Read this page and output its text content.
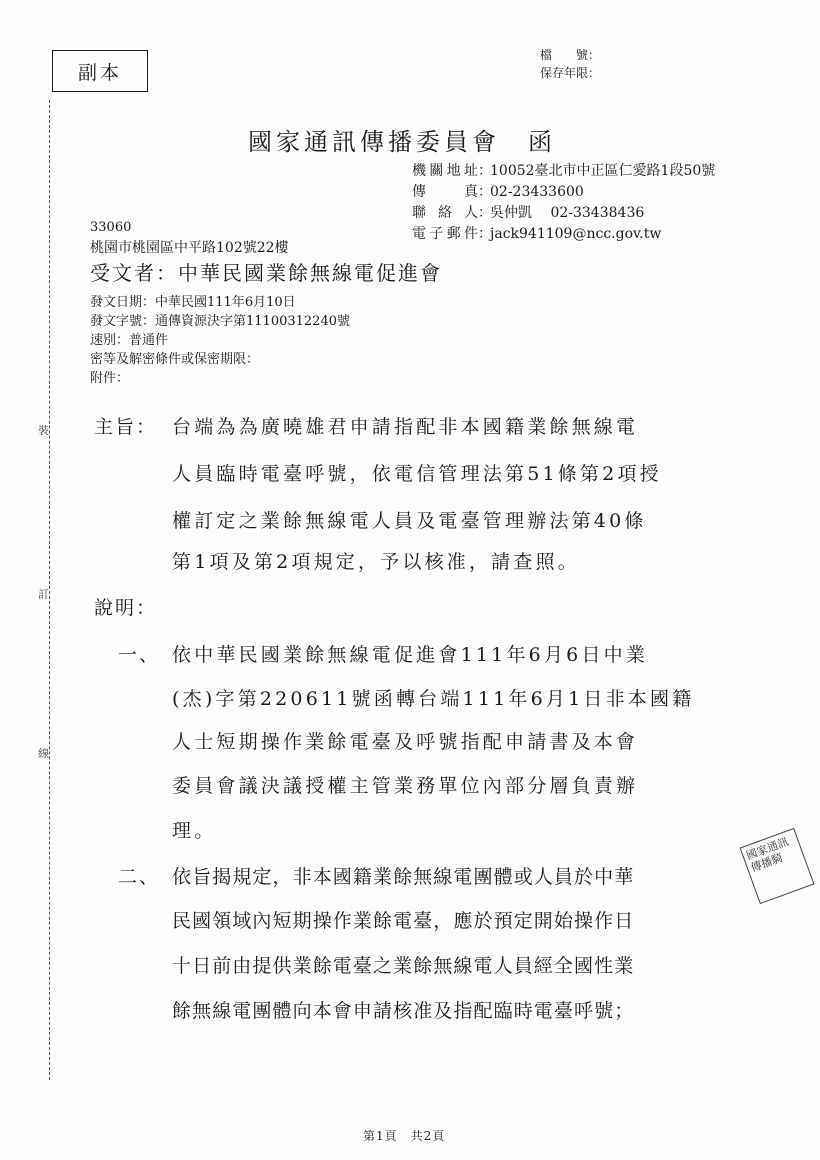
副本
檔　　號：
保存年限：
裝
訂
線
國家通訊傳播委員會　函
機關地址 ：
10052臺北市中正區仁愛路1段50號
傳　　真 ：
02-23433600
聯 絡 人 ：
吳仲凱　 02-33438436
電子郵件 ：
jack941109@ncc.gov.tw
33060
桃園市桃園區中平路102號22樓
受文者：中華民國業餘無線電促進會
發文日期：中華民國111年6月10日
發文字號：通傳資源決字第11100312240號
速別：普通件
密等及解密條件或保密期限：
附件：
主旨： 台端為為廣曉雄君申請指配非本國籍業餘無線電
人員臨時電臺呼號，依電信管理法第51條第2項授
權訂定之業餘無線電人員及電臺管理辦法第40條
第1項及第2項規定，予以核准，請查照。
說明：
一、 依中華民國業餘無線電促進會111年6月6日中業
(杰)字第220611號函轉台端111年6月1日非本國籍
人士短期操作業餘電臺及呼號指配申請書及本會
委員會議決議授權主管業務單位內部分層負責辦
理。
二、 依旨揭規定，非本國籍業餘無線電團體或人員於中華
民國領域內短期操作業餘電臺，應於預定開始操作日
十日前由提供業餘電臺之業餘無線電人員經全國性業
餘無線電團體向本會申請核准及指配臨時電臺呼號；
國家通訊傳播騎
第1頁　共2頁
